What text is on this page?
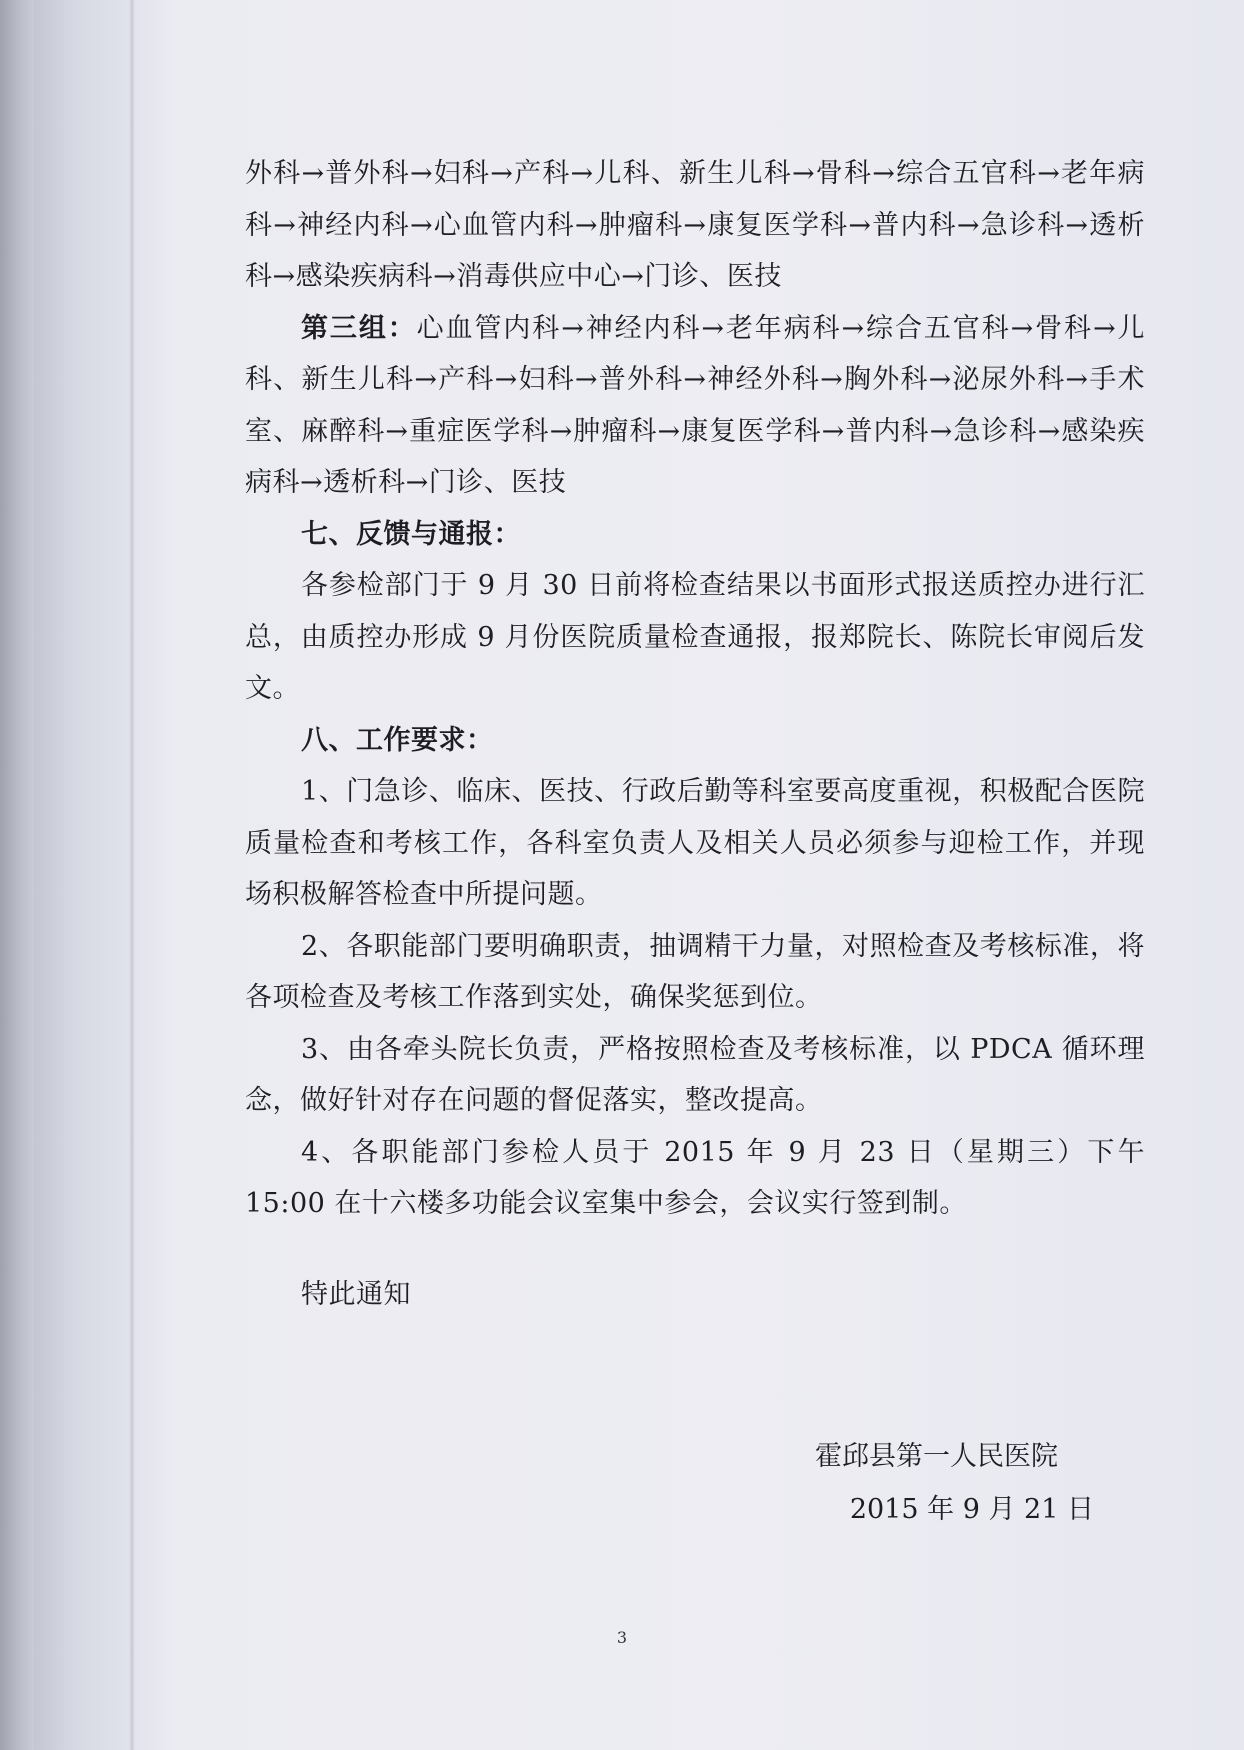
外科→普外科→妇科→产科→儿科、新生儿科→骨科→综合五官科→老年病科→神经内科→心血管内科→肿瘤科→康复医学科→普内科→急诊科→透析科→感染疾病科→消毒供应中心→门诊、医技

第三组：心血管内科→神经内科→老年病科→综合五官科→骨科→儿科、新生儿科→产科→妇科→普外科→神经外科→胸外科→泌尿外科→手术室、麻醉科→重症医学科→肿瘤科→康复医学科→普内科→急诊科→感染疾病科→透析科→门诊、医技

七、反馈与通报：

各参检部门于 9 月 30 日前将检查结果以书面形式报送质控办进行汇总，由质控办形成 9 月份医院质量检查通报，报郑院长、陈院长审阅后发文。

八、工作要求：

1、门急诊、临床、医技、行政后勤等科室要高度重视，积极配合医院质量检查和考核工作，各科室负责人及相关人员必须参与迎检工作，并现场积极解答检查中所提问题。

2、各职能部门要明确职责，抽调精干力量，对照检查及考核标准，将各项检查及考核工作落到实处，确保奖惩到位。

3、由各牵头院长负责，严格按照检查及考核标准，以 PDCA 循环理念，做好针对存在问题的督促落实，整改提高。

4、各职能部门参检人员于 2015 年 9 月 23 日（星期三）下午 15:00 在十六楼多功能会议室集中参会，会议实行签到制。

特此通知

霍邱县第一人民医院
2015 年 9 月 21 日
3
